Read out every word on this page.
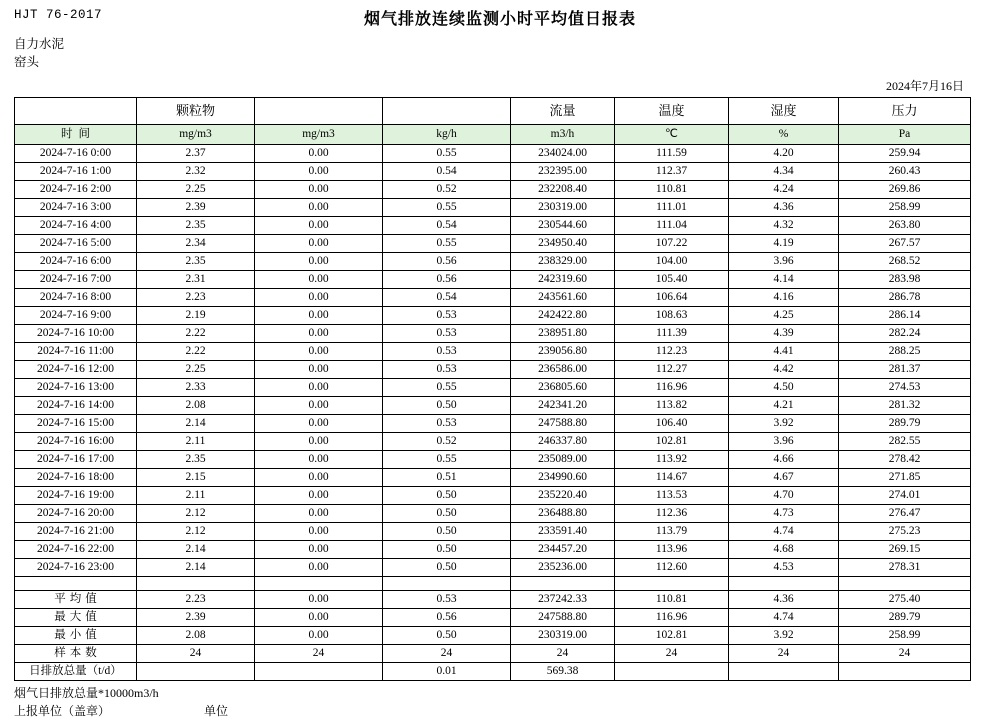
HJT 76-2017	烟气排放连续监测小时平均值日报表
自力水泥
窑头
2024年7月16日
	颗粒物			流量	温度	湿度	压力
时间	mg/m3	mg/m3	kg/h	m3/h	℃	%	Pa
2024-7-16 0:00	2.37	0.00	0.55	234024.00	111.59	4.20	259.94
2024-7-16 1:00	2.32	0.00	0.54	232395.00	112.37	4.34	260.43
2024-7-16 2:00	2.25	0.00	0.52	232208.40	110.81	4.24	269.86
2024-7-16 3:00	2.39	0.00	0.55	230319.00	111.01	4.36	258.99
2024-7-16 4:00	2.35	0.00	0.54	230544.60	111.04	4.32	263.80
2024-7-16 5:00	2.34	0.00	0.55	234950.40	107.22	4.19	267.57
2024-7-16 6:00	2.35	0.00	0.56	238329.00	104.00	3.96	268.52
2024-7-16 7:00	2.31	0.00	0.56	242319.60	105.40	4.14	283.98
2024-7-16 8:00	2.23	0.00	0.54	243561.60	106.64	4.16	286.78
2024-7-16 9:00	2.19	0.00	0.53	242422.80	108.63	4.25	286.14
2024-7-16 10:00	2.22	0.00	0.53	238951.80	111.39	4.39	282.24
2024-7-16 11:00	2.22	0.00	0.53	239056.80	112.23	4.41	288.25
2024-7-16 12:00	2.25	0.00	0.53	236586.00	112.27	4.42	281.37
2024-7-16 13:00	2.33	0.00	0.55	236805.60	116.96	4.50	274.53
2024-7-16 14:00	2.08	0.00	0.50	242341.20	113.82	4.21	281.32
2024-7-16 15:00	2.14	0.00	0.53	247588.80	106.40	3.92	289.79
2024-7-16 16:00	2.11	0.00	0.52	246337.80	102.81	3.96	282.55
2024-7-16 17:00	2.35	0.00	0.55	235089.00	113.92	4.66	278.42
2024-7-16 18:00	2.15	0.00	0.51	234990.60	114.67	4.67	271.85
2024-7-16 19:00	2.11	0.00	0.50	235220.40	113.53	4.70	274.01
2024-7-16 20:00	2.12	0.00	0.50	236488.80	112.36	4.73	276.47
2024-7-16 21:00	2.12	0.00	0.50	233591.40	113.79	4.74	275.23
2024-7-16 22:00	2.14	0.00	0.50	234457.20	113.96	4.68	269.15
2024-7-16 23:00	2.14	0.00	0.50	235236.00	112.60	4.53	278.31

平均值	2.23	0.00	0.53	237242.33	110.81	4.36	275.40
最大值	2.39	0.00	0.56	247588.80	116.96	4.74	289.79
最小值	2.08	0.00	0.50	230319.00	102.81	3.92	258.99
样本数	24	24	24	24	24	24	24
日排放总量（t/d）			0.01	569.38			
烟气日排放总量*10000m3/h
上报单位（盖章）	单位
